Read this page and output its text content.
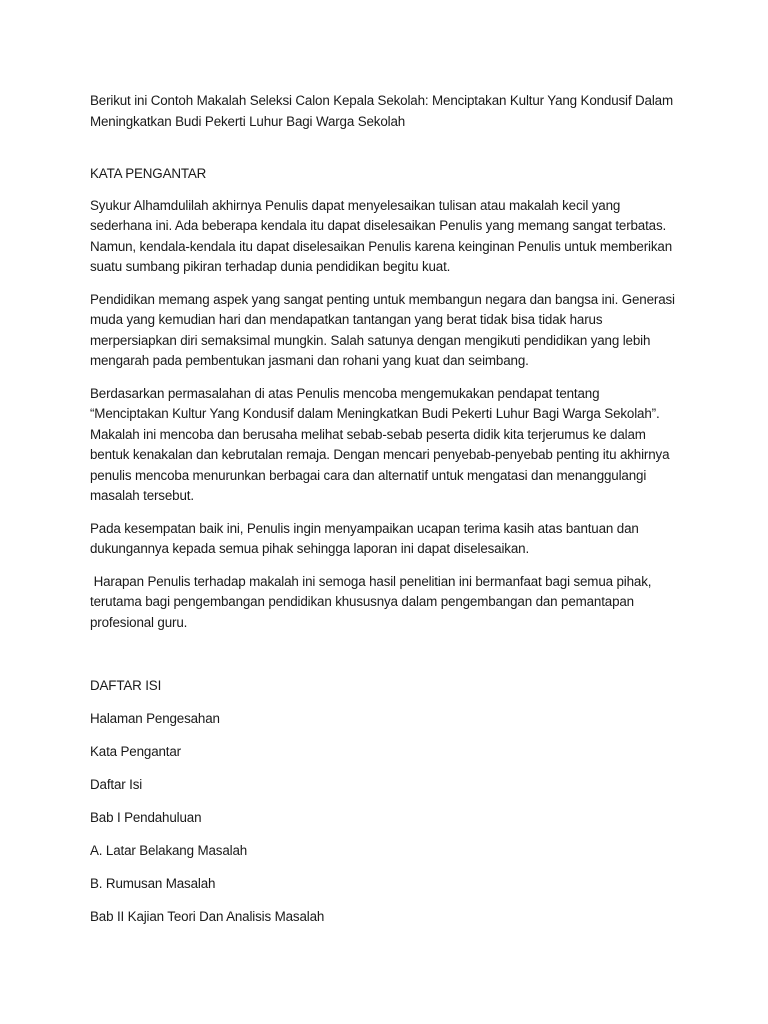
Berikut ini Contoh Makalah Seleksi Calon Kepala Sekolah: Menciptakan Kultur Yang Kondusif Dalam Meningkatkan Budi Pekerti Luhur Bagi Warga Sekolah

KATA PENGANTAR

Syukur Alhamdulilah akhirnya Penulis dapat menyelesaikan tulisan atau makalah kecil yang sederhana ini. Ada beberapa kendala itu dapat diselesaikan Penulis yang memang sangat terbatas. Namun, kendala-kendala itu dapat diselesaikan Penulis karena keinginan Penulis untuk memberikan suatu sumbang pikiran terhadap dunia pendidikan begitu kuat.

Pendidikan memang aspek yang sangat penting untuk membangun negara dan bangsa ini. Generasi muda yang kemudian hari dan mendapatkan tantangan yang berat tidak bisa tidak harus merpersiapkan diri semaksimal mungkin. Salah satunya dengan mengikuti pendidikan yang lebih mengarah pada pembentukan jasmani dan rohani yang kuat dan seimbang.

Berdasarkan permasalahan di atas Penulis mencoba mengemukakan pendapat tentang “Menciptakan Kultur Yang Kondusif dalam Meningkatkan Budi Pekerti Luhur Bagi Warga Sekolah”. Makalah ini mencoba dan berusaha melihat sebab-sebab peserta didik kita terjerumus ke dalam bentuk kenakalan dan kebrutalan remaja. Dengan mencari penyebab-penyebab penting itu akhirnya penulis mencoba menurunkan berbagai cara dan alternatif untuk mengatasi dan menanggulangi masalah tersebut.

Pada kesempatan baik ini, Penulis ingin menyampaikan ucapan terima kasih atas bantuan dan dukungannya kepada semua pihak sehingga laporan ini dapat diselesaikan.

Harapan Penulis terhadap makalah ini semoga hasil penelitian ini bermanfaat bagi semua pihak, terutama bagi pengembangan pendidikan khususnya dalam pengembangan dan pemantapan profesional guru.

DAFTAR ISI

Halaman Pengesahan

Kata Pengantar

Daftar Isi

Bab I Pendahuluan

A. Latar Belakang Masalah

B. Rumusan Masalah

Bab II Kajian Teori Dan Analisis Masalah
